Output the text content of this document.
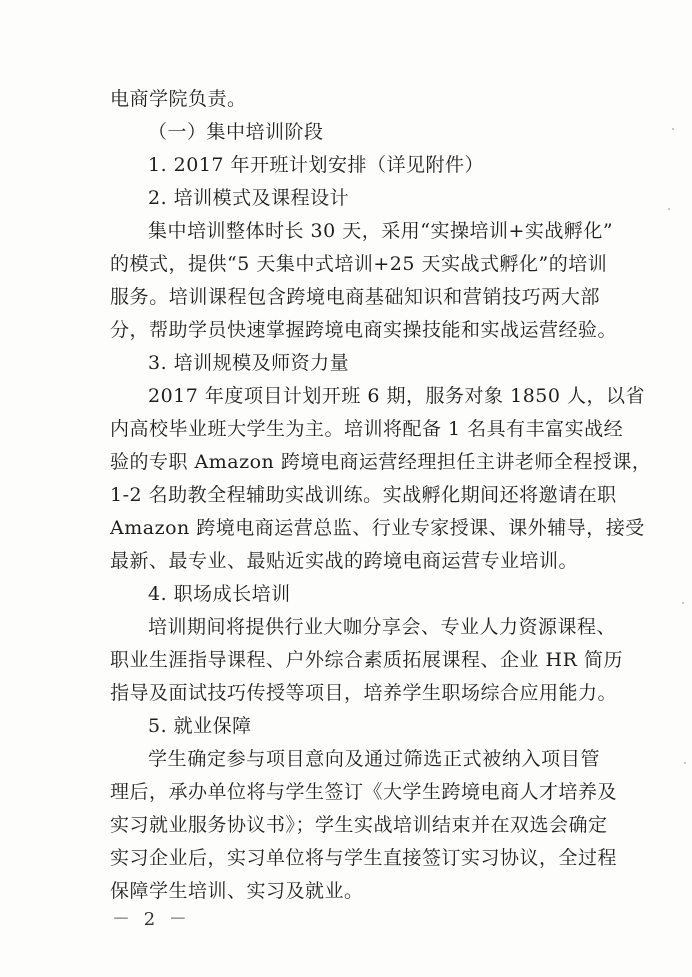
电商学院负责。
（一）集中培训阶段
1. 2017 年开班计划安排（详见附件）
2. 培训模式及课程设计
集中培训整体时长 30 天，采用“实操培训+实战孵化”
的模式，提供“5 天集中式培训+25 天实战式孵化”的培训
服务。培训课程包含跨境电商基础知识和营销技巧两大部
分，帮助学员快速掌握跨境电商实操技能和实战运营经验。
3. 培训规模及师资力量
2017 年度项目计划开班 6 期，服务对象 1850 人，以省
内高校毕业班大学生为主。培训将配备 1 名具有丰富实战经
验的专职 Amazon 跨境电商运营经理担任主讲老师全程授课，
1-2 名助教全程辅助实战训练。实战孵化期间还将邀请在职
Amazon 跨境电商运营总监、行业专家授课、课外辅导，接受
最新、最专业、最贴近实战的跨境电商运营专业培训。
4. 职场成长培训
培训期间将提供行业大咖分享会、专业人力资源课程、
职业生涯指导课程、户外综合素质拓展课程、企业 HR 简历
指导及面试技巧传授等项目，培养学生职场综合应用能力。
5. 就业保障
学生确定参与项目意向及通过筛选正式被纳入项目管
理后，承办单位将与学生签订《大学生跨境电商人才培养及
实习就业服务协议书》；学生实战培训结束并在双选会确定
实习企业后，实习单位将与学生直接签订实习协议，全过程
保障学生培训、实习及就业。
－ 2 －
